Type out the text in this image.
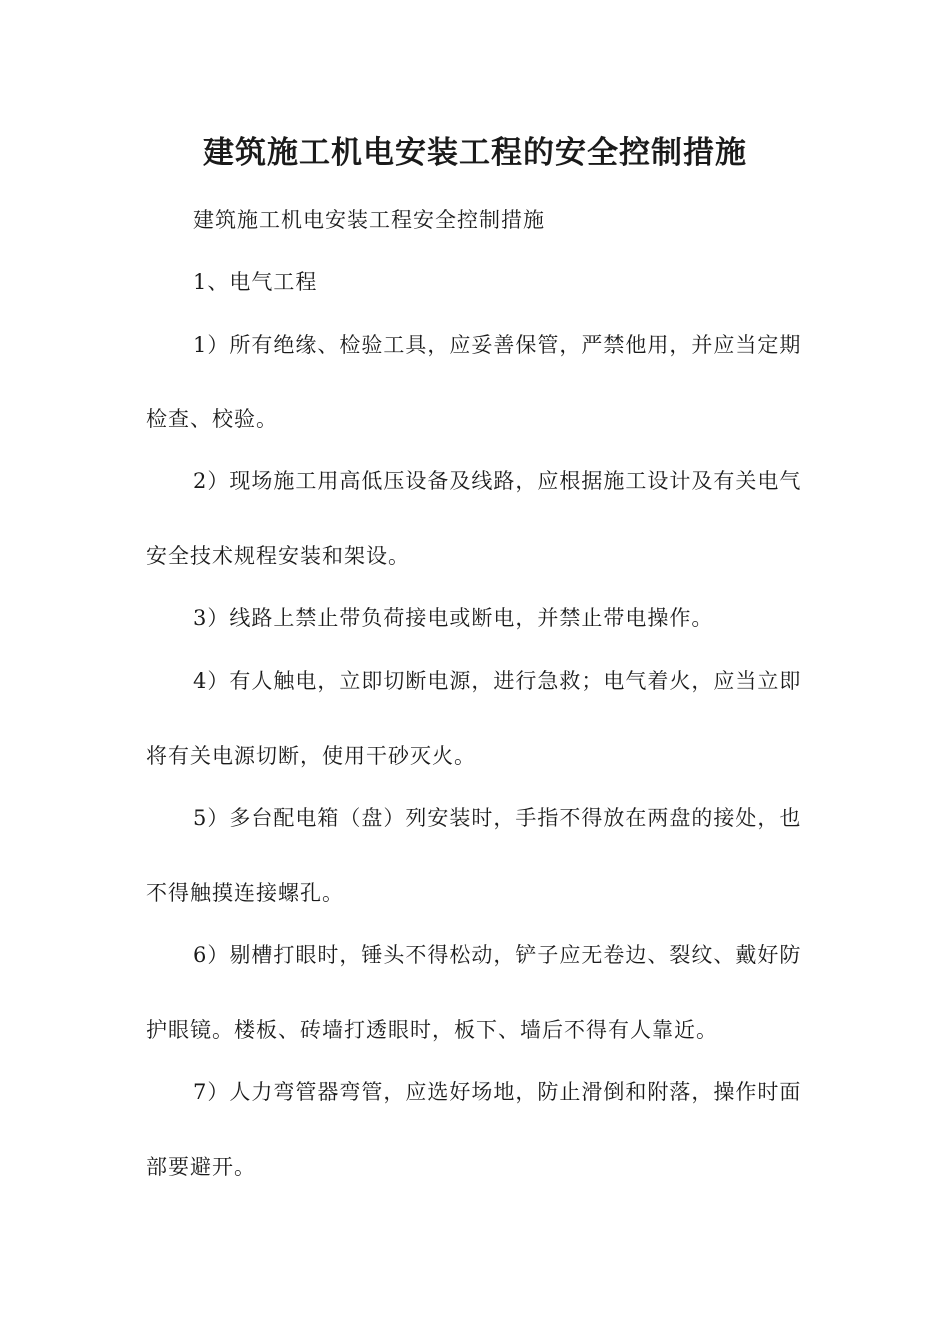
建筑施工机电安装工程的安全控制措施
建筑施工机电安装工程安全控制措施
1、电气工程
1）所有绝缘、检验工具，应妥善保管，严禁他用，并应当定期
检查、校验。
2）现场施工用高低压设备及线路，应根据施工设计及有关电气
安全技术规程安装和架设。
3）线路上禁止带负荷接电或断电，并禁止带电操作。
4）有人触电，立即切断电源，进行急救；电气着火，应当立即
将有关电源切断，使用干砂灭火。
5）多台配电箱（盘）列安装时，手指不得放在两盘的接处，也
不得触摸连接螺孔。
6）剔槽打眼时，锤头不得松动，铲子应无卷边、裂纹、戴好防
护眼镜。楼板、砖墙打透眼时，板下、墙后不得有人靠近。
7）人力弯管器弯管，应选好场地，防止滑倒和附落，操作时面
部要避开。
